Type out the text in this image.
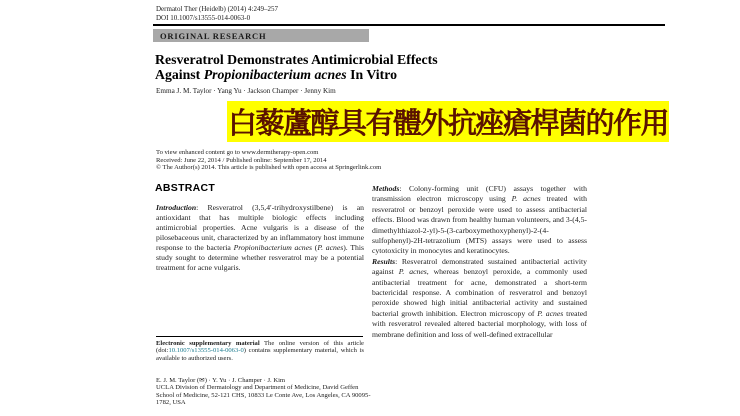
Dermatol Ther (Heidelb) (2014) 4:249–257
DOI 10.1007/s13555-014-0063-0
ORIGINAL RESEARCH
Resveratrol Demonstrates Antimicrobial Effects
Against Propionibacterium acnes In Vitro
Emma J. M. Taylor · Yang Yu · Jackson Champer · Jenny Kim
白藜蘆醇具有體外抗痤瘡桿菌的作用
To view enhanced content go to www.dermtherapy-open.com
Received: June 22, 2014 / Published online: September 17, 2014
© The Author(s) 2014. This article is published with open access at Springerlink.com
ABSTRACT

Introduction: Resveratrol (3,5,4′-trihydroxystilbene) is an antioxidant that has multiple biologic effects including antimicrobial properties. Acne vulgaris is a disease of the pilosebaceous unit, characterized by an inflammatory host immune response to the bacteria Propionibacterium acnes (P. acnes). This study sought to determine whether resveratrol may be a potential treatment for acne vulgaris.

Methods: Colony-forming unit (CFU) assays together with transmission electron microscopy using P. acnes treated with resveratrol or benzoyl peroxide were used to assess antibacterial effects. Blood was drawn from healthy human volunteers, and 3-(4,5-dimethylthiazol-2-yl)-5-(3-carboxymethoxyphenyl)-2-(4-sulfophenyl)-2H-tetrazolium (MTS) assays were used to assess cytotoxicity in monocytes and keratinocytes.

Results: Resveratrol demonstrated sustained antibacterial activity against P. acnes, whereas benzoyl peroxide, a commonly used antibacterial treatment for acne, demonstrated a short-term bactericidal response. A combination of resveratrol and benzoyl peroxide showed high initial antibacterial activity and sustained bacterial growth inhibition. Electron microscopy of P. acnes treated with resveratrol revealed altered bacterial morphology, with loss of membrane definition and loss of well-defined extracellular

Electronic supplementary material The online version of this article (doi:10.1007/s13555-014-0063-0) contains supplementary material, which is available to authorized users.
E. J. M. Taylor (✉) · Y. Yu · J. Champer · J. Kim
UCLA Division of Dermatology and Department of Medicine, David Geffen School of Medicine, 52-121 CHS, 10833 Le Conte Ave, Los Angeles, CA 90095-1782, USA
